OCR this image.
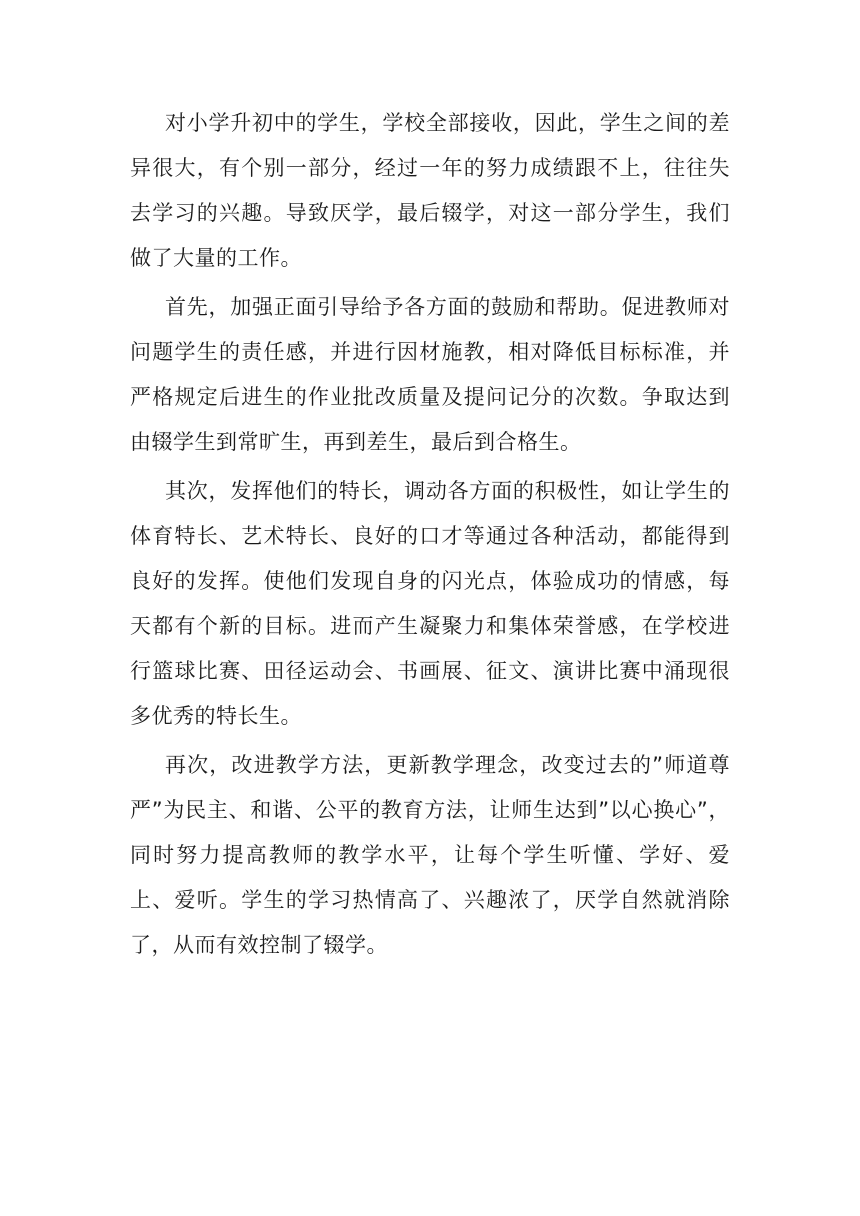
对小学升初中的学生，学校全部接收，因此，学生之间的差异很大，有个别一部分，经过一年的努力成绩跟不上，往往失去学习的兴趣。导致厌学，最后辍学，对这一部分学生，我们做了大量的工作。

首先，加强正面引导给予各方面的鼓励和帮助。促进教师对问题学生的责任感，并进行因材施教，相对降低目标标准，并严格规定后进生的作业批改质量及提问记分的次数。争取达到由辍学生到常旷生，再到差生，最后到合格生。

其次，发挥他们的特长，调动各方面的积极性，如让学生的体育特长、艺术特长、良好的口才等通过各种活动，都能得到良好的发挥。使他们发现自身的闪光点，体验成功的情感，每天都有个新的目标。进而产生凝聚力和集体荣誉感，在学校进行篮球比赛、田径运动会、书画展、征文、演讲比赛中涌现很多优秀的特长生。

再次，改进教学方法，更新教学理念，改变过去的”师道尊严”为民主、和谐、公平的教育方法，让师生达到”以心换心”，同时努力提高教师的教学水平，让每个学生听懂、学好、爱上、爱听。学生的学习热情高了、兴趣浓了，厌学自然就消除了，从而有效控制了辍学。
